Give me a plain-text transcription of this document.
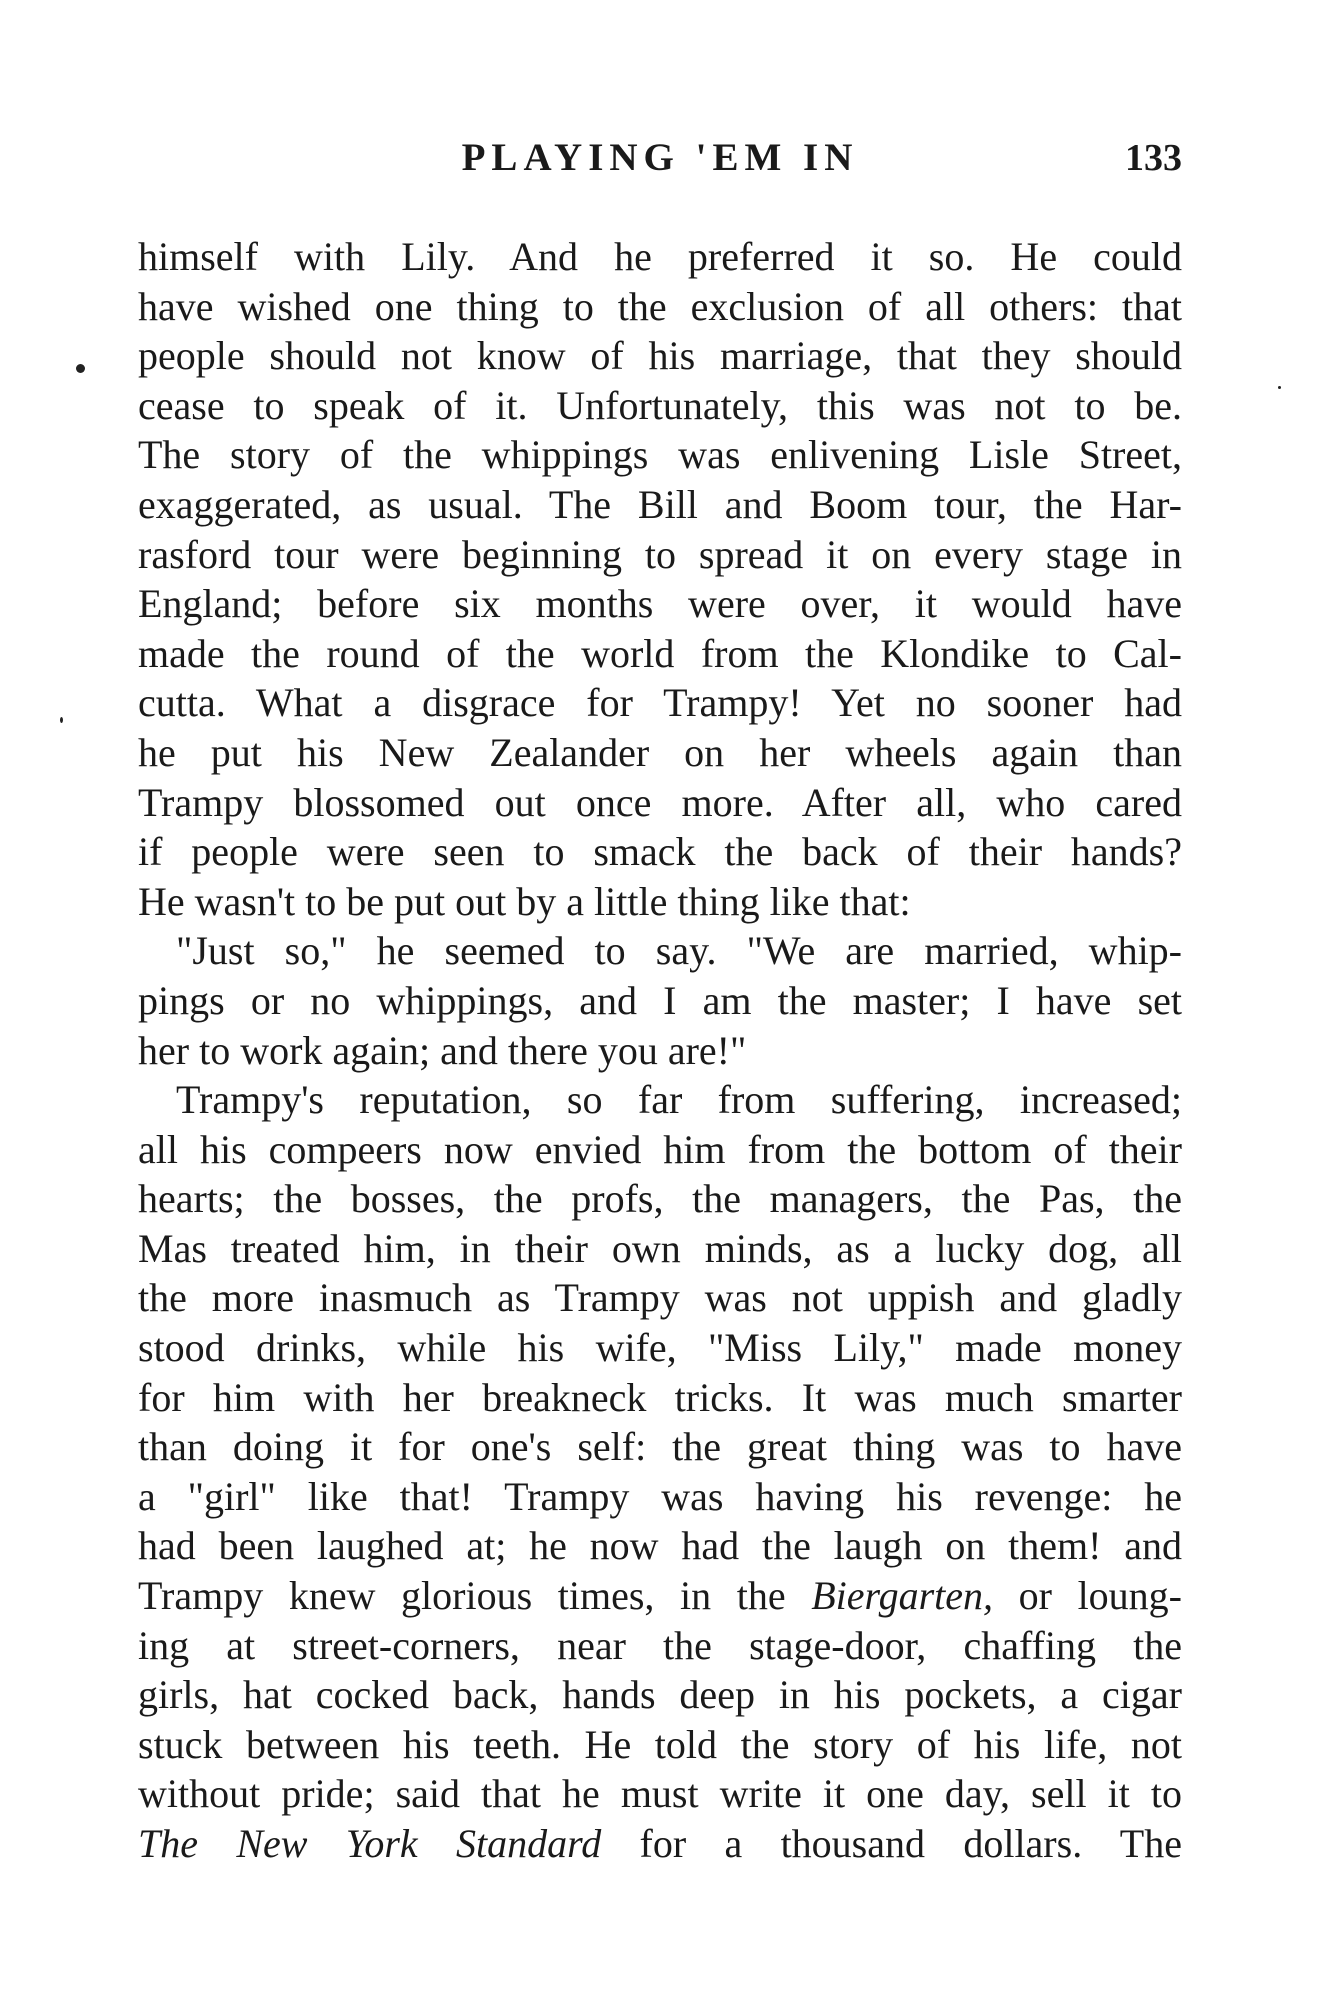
PLAYING 'EM IN	133
himself with Lily. And he preferred it so. He could
have wished one thing to the exclusion of all others: that
people should not know of his marriage, that they should
cease to speak of it. Unfortunately, this was not to be.
The story of the whippings was enlivening Lisle Street,
exaggerated, as usual. The Bill and Boom tour, the Har-
rasford tour were beginning to spread it on every stage in
England; before six months were over, it would have
made the round of the world from the Klondike to Cal-
cutta. What a disgrace for Trampy! Yet no sooner had
he put his New Zealander on her wheels again than
Trampy blossomed out once more. After all, who cared
if people were seen to smack the back of their hands?
He wasn't to be put out by a little thing like that:
"Just so," he seemed to say. "We are married, whip-
pings or no whippings, and I am the master; I have set
her to work again; and there you are!"
Trampy's reputation, so far from suffering, increased;
all his compeers now envied him from the bottom of their
hearts; the bosses, the profs, the managers, the Pas, the
Mas treated him, in their own minds, as a lucky dog, all
the more inasmuch as Trampy was not uppish and gladly
stood drinks, while his wife, "Miss Lily," made money
for him with her breakneck tricks. It was much smarter
than doing it for one's self: the great thing was to have
a "girl" like that! Trampy was having his revenge: he
had been laughed at; he now had the laugh on them! and
Trampy knew glorious times, in the Biergarten, or loung-
ing at street-corners, near the stage-door, chaffing the
girls, hat cocked back, hands deep in his pockets, a cigar
stuck between his teeth. He told the story of his life, not
without pride; said that he must write it one day, sell it to
The New York Standard for a thousand dollars. The
